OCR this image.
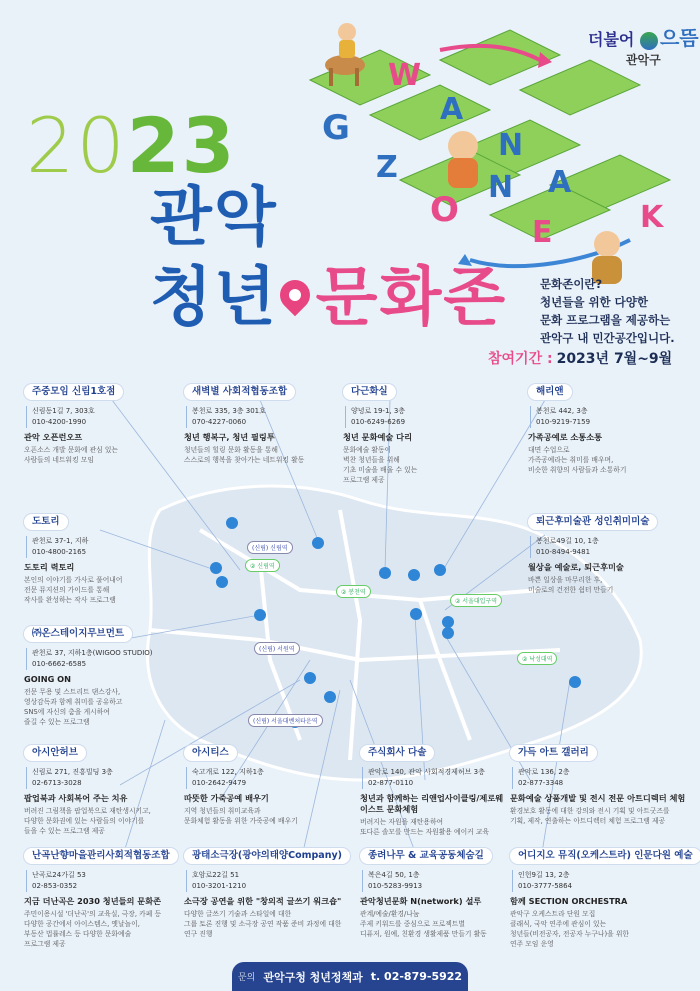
G
W
A
N
A
K
Z
O
N
E
더불어 으뜸
관악구
2023
관악
청년 문화존	문화존이란?
청년들을 위한 다양한
문화 프로그램을 제공하는
관악구 내 민간공간입니다.
참여기간 : 2023년 7월~9월
(신림) 신림역
② 신림역
② 봉천역
② 서울대입구역
(신림) 서원역
② 낙성대역
(신림) 서울대벤처타운역
주중모임 신림1호점
신림동1길 7, 303호
010-4200-1990
관악 오픈런오프
오픈소스 개발 문화에 관심 있는
사람들의 네트워킹 모임
새벽별 사회적협동조합
봉천로 335, 3층 301호
070-4227-0060
청년 행복구, 청년 필링투
청년들의 힐링 문화 활동을 통해
스스로의 행복을 찾아가는 네트워킹 활동
다근화실
양녕로 19-1, 3층
010-6249-6269
청년 문화예술 다리
문화예술 활동이
벽찬 청년들을 위해
기초 미술을 배울 수 있는
프로그램 제공
해리앤
봉천로 442, 3층
010-9219-7159
가족공예로 소통소통
대면 수업으로
가족공예라는 취미를 배우며,
비슷한 취향의 사람들과 소통하기
도토리
관천로 37-1, 지하
010-4800-2165
도토리 력토리
본인의 이야기를 가사로 풀어내어
전문 뮤지션의 가이드를 통해
작사를 완성하는 작사 프로그램
퇴근후미술관 성인취미미술
봉천로49길 10, 1층
010-8494-9481
월상을 예술로, 퇴근후미술
바쁜 일상을 마무리한 후,
미술로의 건전한 쉼터 만들기
㈜온스테이지무브먼트
관천로 37, 지하1층(WIGOO STUDIO)
010-6662-6585
GOING ON
전문 무용 및 스트리트 댄스강사,
영상감독과 함께 취미를 공유하고
SNS에 자신의 춤을 게시하여
즐길 수 있는 프로그램
아시안허브
신림로 271, 진흥빌딩 3층
02-6713-3028
팝업북과 사회복어 주는 치유
버려진 그림책을 팝업북으로 재탄생시키고,
다양한 문화권에 있는 사람들의 이야기를
들을 수 있는 프로그램 제공
아시티스
숙고개로 122, 지하1층
010-2642-9479
따뜻한 가죽공예 배우기
지역 청년들의 취미교육과
문화체험 활동을 위한 가죽공예 배우기
주식회사 다솔
관악로 140, 관악 사회적경제허브 3층
02-877-0110
청년과 함께하는 리앤업사이클링/제로웨이스트 문화체험
버려지는 자원을 재탄용하여
또다른 솔모를 만드는 자원활용 예이커 교육
가득 아트 갤러리
관악로 136, 2층
02-877-3348
문화예술 상품개발 및 전시 전문 아트디렉터 체험
환경보호 활동에 대한 강의와 전시 기획 및 아트굿즈를
기획, 제작, 연출하는 아트디렉터 체험 프로그램 제공
난곡난향마을관리사회적협동조합
난곡로24가길 53
02-853-0352
지금 더난곡은 2030 청년들의 문화존
주민이용시설 '더난곡'의 교육실, 극장, 카페 등
다양한 공간에서 아이스템스, 옛날놀이,
부동산 법률레스 등 다양한 문화예술
프로그램 제공
광태소극장(광야의태양Company)
호암로22길 51
010-3201-1210
소극장 공연을 위한 "창의적 글쓰기 워크숍"
다양한 글쓰기 기술과 스타일에 대한
그룹 토론 진행 및 소극장 공연 작품 준비 과정에 대한
연구 진행
종려나무 & 교육공동체숨길
복은4길 50, 1층
010-5283-9913
관악청년문화 N(network) 설루
관계/예술/환경/나눔
주제 키워드를 중심으로 프로젝트별
디퓨저, 원예, 친환경 생활제품 만들기 활동
어디지오 뮤직(오케스트라) 인문다원 예술
인헌9길 13, 2층
010-3777-5864
함께 SECTION ORCHESTRA
관악구 오케스트라 단원 모집
클래식, 국악 연주에 관심이 있는
청년들(비전공자, 전공자 누구나)을 위한
연주 모임 운영
문의 관악구청 청년정책과 t. 02-879-5922
